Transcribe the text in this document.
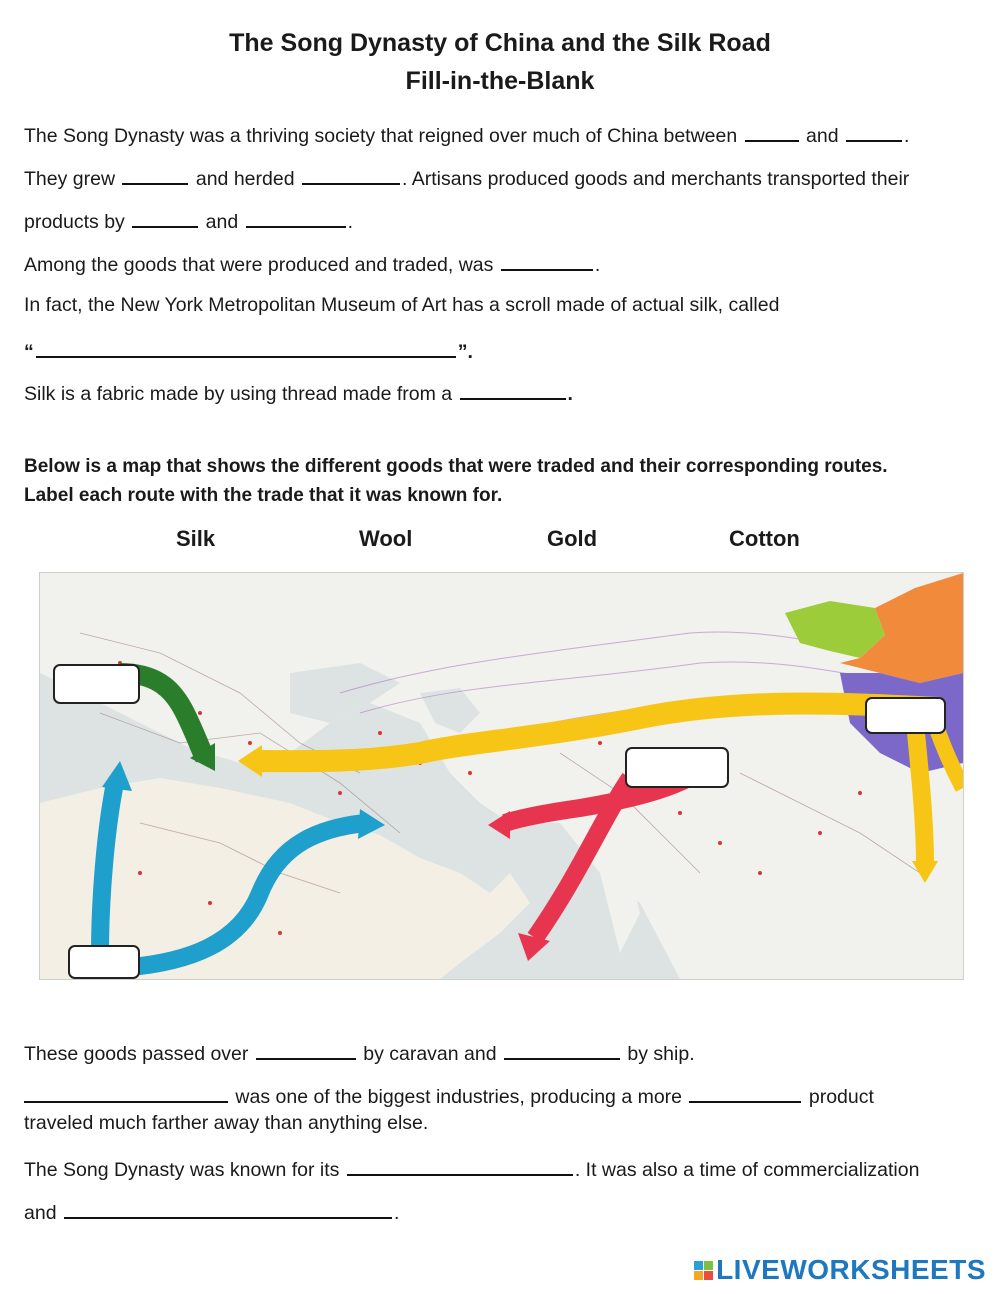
The Song Dynasty of China and the Silk Road
Fill-in-the-Blank
The Song Dynasty was a thriving society that reigned over much of China between	and	.
They grew	and herded	. Artisans produced goods and merchants transported their
products by	and	.
Among the goods that were produced and traded, was	.
In fact, the New York Metropolitan Museum of Art has a scroll made of actual silk, called
“	”.
Silk is a fabric made by using thread made from a	.
Below is a map that shows the different goods that were traded and their corresponding routes.
Label each route with the trade that it was known for.
Silk	Wool	Gold	Cotton
These goods passed over	by caravan and	by ship.
was one of the biggest industries, producing a more	product
traveled much farther away than anything else.
The Song Dynasty was known for its	. It was also a time of commercialization
and	.
LIVEWORKSHEETS
